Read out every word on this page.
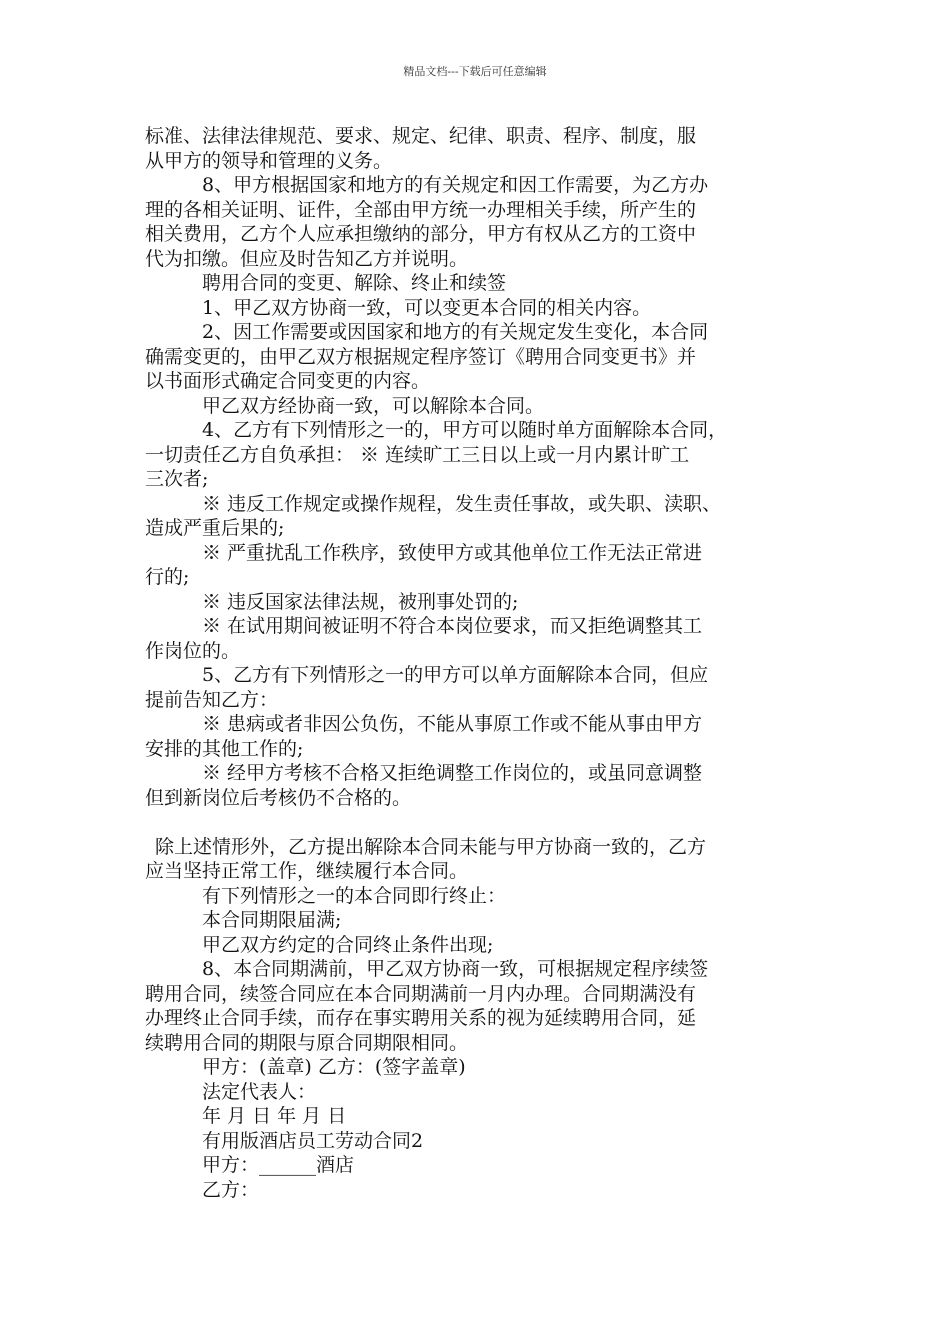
精品文档---下载后可任意编辑
标准、法律法律规范、要求、规定、纪律、职责、程序、制度，服
从甲方的领导和管理的义务。
8、甲方根据国家和地方的有关规定和因工作需要，为乙方办
理的各相关证明、证件，全部由甲方统一办理相关手续，所产生的
相关费用，乙方个人应承担缴纳的部分，甲方有权从乙方的工资中
代为扣缴。但应及时告知乙方并说明。
聘用合同的变更、解除、终止和续签
1、甲乙双方协商一致，可以变更本合同的相关内容。
2、因工作需要或因国家和地方的有关规定发生变化，本合同
确需变更的，由甲乙双方根据规定程序签订《聘用合同变更书》并
以书面形式确定合同变更的内容。
甲乙双方经协商一致，可以解除本合同。
4、乙方有下列情形之一的，甲方可以随时单方面解除本合同，
一切责任乙方自负承担： ※ 连续旷工三日以上或一月内累计旷工
三次者;
※ 违反工作规定或操作规程，发生责任事故，或失职、渎职、
造成严重后果的;
※ 严重扰乱工作秩序，致使甲方或其他单位工作无法正常进
行的;
※ 违反国家法律法规，被刑事处罚的;
※ 在试用期间被证明不符合本岗位要求，而又拒绝调整其工
作岗位的。
5、乙方有下列情形之一的甲方可以单方面解除本合同，但应
提前告知乙方：
※ 患病或者非因公负伤，不能从事原工作或不能从事由甲方
安排的其他工作的;
※ 经甲方考核不合格又拒绝调整工作岗位的，或虽同意调整
但到新岗位后考核仍不合格的。
除上述情形外，乙方提出解除本合同未能与甲方协商一致的，乙方
应当坚持正常工作，继续履行本合同。
有下列情形之一的本合同即行终止：
本合同期限届满;
甲乙双方约定的合同终止条件出现;
8、本合同期满前，甲乙双方协商一致，可根据规定程序续签
聘用合同，续签合同应在本合同期满前一月内办理。合同期满没有
办理终止合同手续，而存在事实聘用关系的视为延续聘用合同，延
续聘用合同的期限与原合同期限相同。
甲方：(盖章) 乙方：(签字盖章)
法定代表人：
年 月 日 年 月 日
有用版酒店员工劳动合同2
甲方：______酒店
乙方：
